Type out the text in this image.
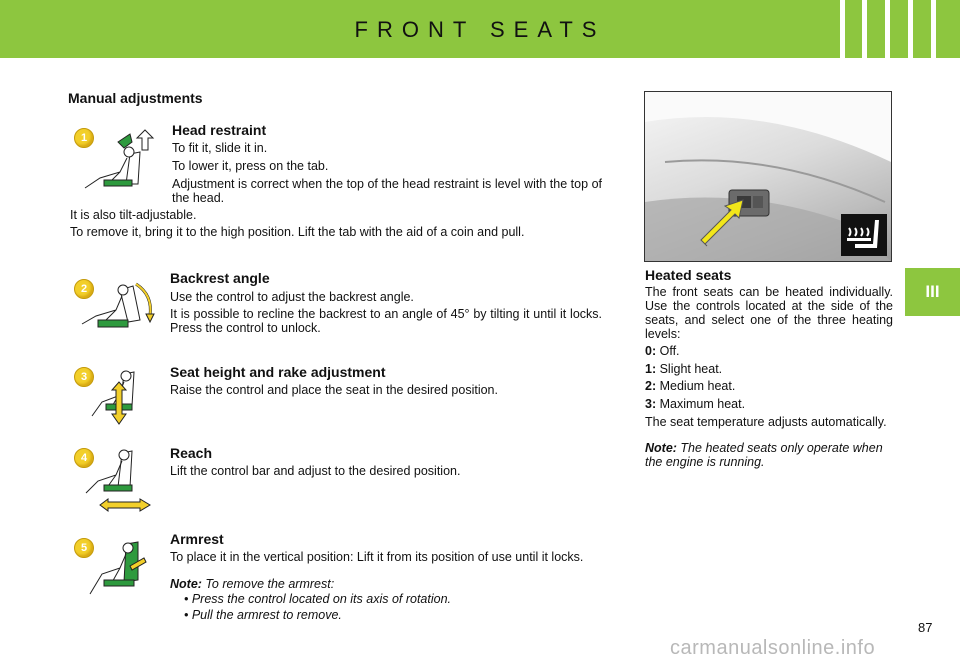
FRONT SEATS
III
Manual adjustments
1	Head restraint
To fit it, slide it in.
To lower it, press on the tab.
Adjustment is correct when the top of the head restraint is level with the top of the head.
It is also tilt-adjustable.
To remove it, bring it to the high position. Lift the tab with the aid of a coin and pull.
2
Backrest angle
Use the control to adjust the backrest angle.
It is possible to recline the backrest to an angle of 45° by tilting it until it locks. Press the control to unlock.
3	Seat height and rake adjustment
Raise the control and place the seat in the desired position.
4	Reach
Lift the control bar and adjust to the desired position.
5
Armrest
To place it in the vertical position: Lift it from its position of use until it locks.
Note: To remove the armrest:
• Press the control located on its axis of rotation.
• Pull the armrest to remove.
Heated seats
The front seats can be heated individually. Use the controls located at the side of the seats, and select one of the three heating levels:
0: Off.
1: Slight heat.
2: Medium heat.
3: Maximum heat.
The seat temperature adjusts automatically.
Note: The heated seats only operate when the engine is running.
87
carmanualsonline.info
